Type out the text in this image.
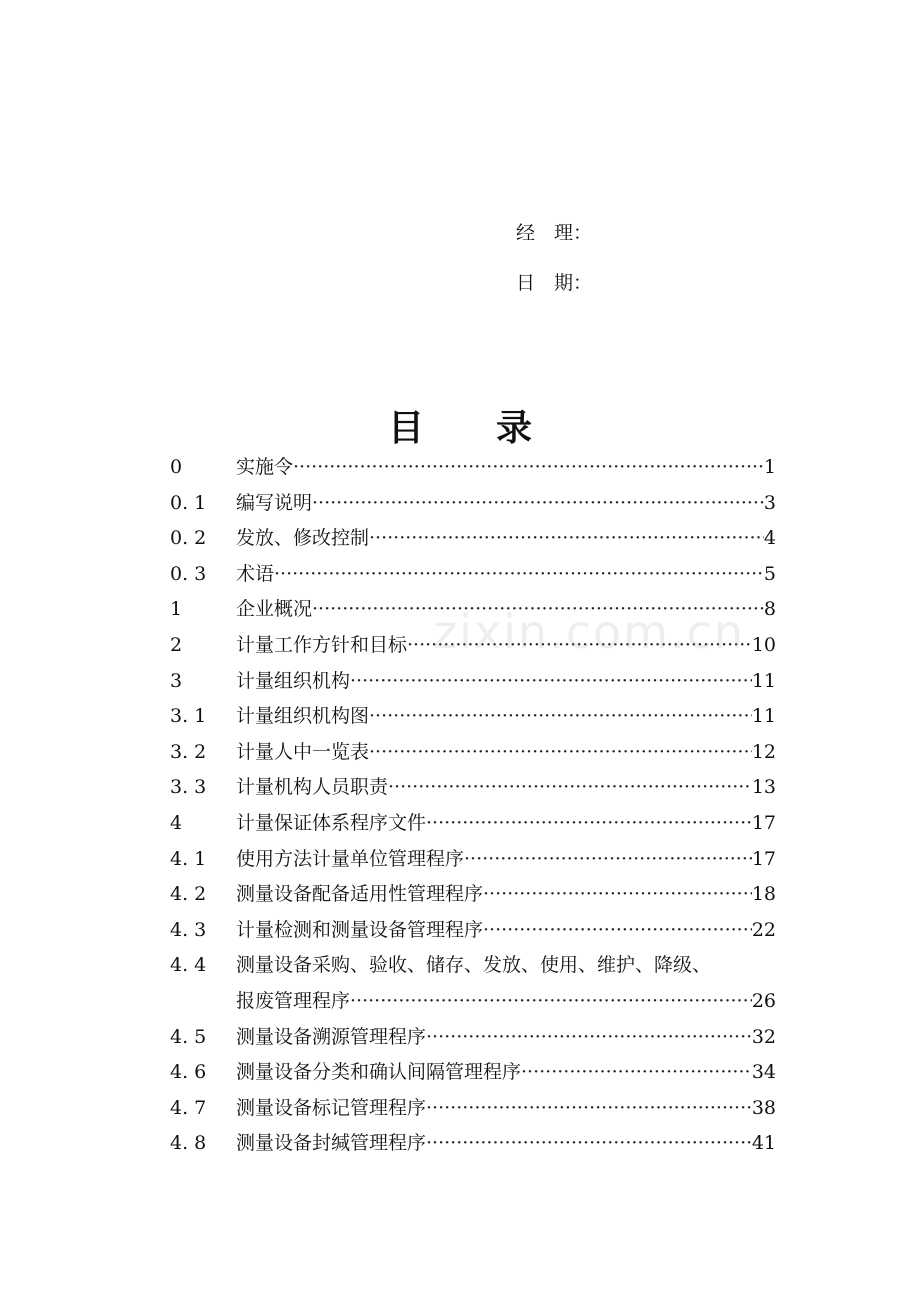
经　理：
日　期：
目　　录
0	实施令 ·····	1
0. 1	编写说明 ·····	3
0. 2	发放、修改控制 ·····	4
0. 3	术语 ·····	5
1	企业概况 ·····	8
2	计量工作方针和目标 ·····	10
3	计量组织机构 ·····	11
3. 1	计量组织机构图 ·····	11
3. 2	计量人中一览表 ·····	12
3. 3	计量机构人员职责 ·····	13
4	计量保证体系程序文件 ·····	17
4. 1	使用方法计量单位管理程序 ·····	17
4. 2	测量设备配备适用性管理程序 ·····	18
4. 3	计量检测和测量设备管理程序 ·····	22
4. 4	测量设备采购、验收、储存、发放、使用、维护、降级、
报废管理程序 ·····	26
4. 5	测量设备溯源管理程序 ·····	32
4. 6	测量设备分类和确认间隔管理程序 ·····	34
4. 7	测量设备标记管理程序 ·····	38
4. 8	测量设备封缄管理程序 ·····	41
zixin.com.cn
